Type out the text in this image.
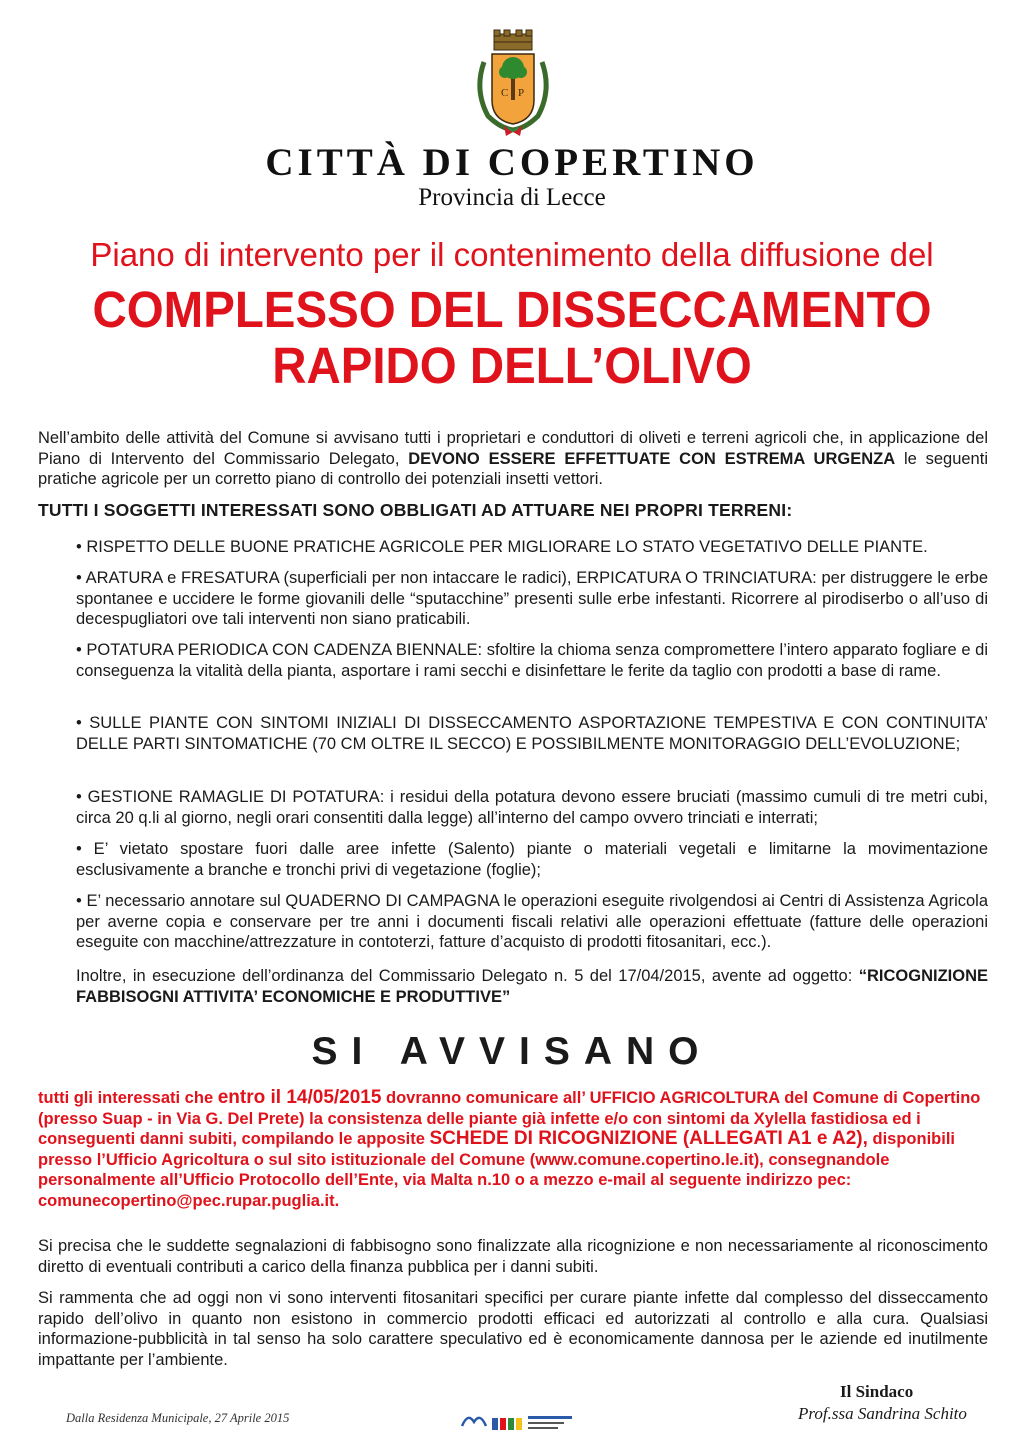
C P
CITTÀ DI COPERTINO
Provincia di Lecce
Piano di intervento per il contenimento della diffusione del
COMPLESSO DEL DISSECCAMENTO
RAPIDO DELL’OLIVO
Nell’ambito delle attività del Comune si avvisano tutti i proprietari e conduttori di oliveti e terreni agricoli che, in applicazione del Piano di Intervento del Commissario Delegato, DEVONO ESSERE EFFETTUATE CON ESTREMA URGENZA le seguenti pratiche agricole per un corretto piano di controllo dei potenziali insetti vettori.
TUTTI I SOGGETTI INTERESSATI SONO OBBLIGATI AD ATTUARE NEI PROPRI TERRENI:
• RISPETTO DELLE BUONE PRATICHE AGRICOLE PER MIGLIORARE LO STATO VEGETATIVO DELLE PIANTE.
• ARATURA e FRESATURA (superficiali per non intaccare le radici), ERPICATURA O TRINCIATURA: per distruggere le erbe spontanee e uccidere le forme giovanili delle “sputacchine” presenti sulle erbe infestanti. Ricorrere al pirodiserbo o all’uso di decespugliatori ove tali interventi non siano praticabili.
• POTATURA PERIODICA CON CADENZA BIENNALE: sfoltire la chioma senza compromettere l’intero apparato fogliare e di conseguenza la vitalità della pianta, asportare i rami secchi e disinfettare le ferite da taglio con prodotti a base di rame.
• SULLE PIANTE CON SINTOMI INIZIALI DI DISSECCAMENTO ASPORTAZIONE TEMPESTIVA E CON CONTINUITA’ DELLE PARTI SINTOMATICHE (70 CM OLTRE IL SECCO) E POSSIBILMENTE MONITORAGGIO DELL’EVOLUZIONE;
• GESTIONE RAMAGLIE DI POTATURA: i residui della potatura devono essere bruciati (massimo cumuli di tre metri cubi, circa 20 q.li al giorno, negli orari consentiti dalla legge) all’interno del campo ovvero trinciati e interrati;
• E’ vietato spostare fuori dalle aree infette (Salento) piante o materiali vegetali e limitarne la movimentazione esclusivamente a branche e tronchi privi di vegetazione (foglie);
• E’ necessario annotare sul QUADERNO DI CAMPAGNA le operazioni eseguite rivolgendosi ai Centri di Assistenza Agricola per averne copia e conservare per tre anni i documenti fiscali relativi alle operazioni effettuate (fatture delle operazioni eseguite con macchine/attrezzature in contoterzi, fatture d’acquisto di prodotti fitosanitari, ecc.).
Inoltre, in esecuzione dell’ordinanza del Commissario Delegato n. 5 del 17/04/2015, avente ad oggetto: “RICOGNIZIONE FABBISOGNI ATTIVITA’ ECONOMICHE E PRODUTTIVE”
SI AVVISANO
tutti gli interessati che entro il 14/05/2015 dovranno comunicare all’ UFFICIO AGRICOLTURA del Comune di Copertino (presso Suap - in Via G. Del Prete) la consistenza delle piante già infette e/o con sintomi da Xylella fastidiosa ed i conseguenti danni subiti, compilando le apposite SCHEDE DI RICOGNIZIONE (ALLEGATI A1 e A2), disponibili presso l’Ufficio Agricoltura o sul sito istituzionale del Comune (www.comune.copertino.le.it), consegnandole personalmente all’Ufficio Protocollo dell’Ente, via Malta n.10 o a mezzo e-mail al seguente indirizzo pec: comunecopertino@pec.rupar.puglia.it.
Si precisa che le suddette segnalazioni di fabbisogno sono finalizzate alla ricognizione e non necessariamente al riconoscimento diretto di eventuali contributi a carico della finanza pubblica per i danni subiti.
Si rammenta che ad oggi non vi sono interventi fitosanitari specifici per curare piante infette dal complesso del disseccamento rapido dell’olivo in quanto non esistono in commercio prodotti efficaci ed autorizzati al controllo e alla cura. Qualsiasi informazione-pubblicità in tal senso ha solo carattere speculativo ed è economicamente dannosa per le aziende ed inutilmente impattante per l’ambiente.
Dalla Residenza Municipale, 27 Aprile 2015
Il Sindaco
Prof.ssa Sandrina Schito
